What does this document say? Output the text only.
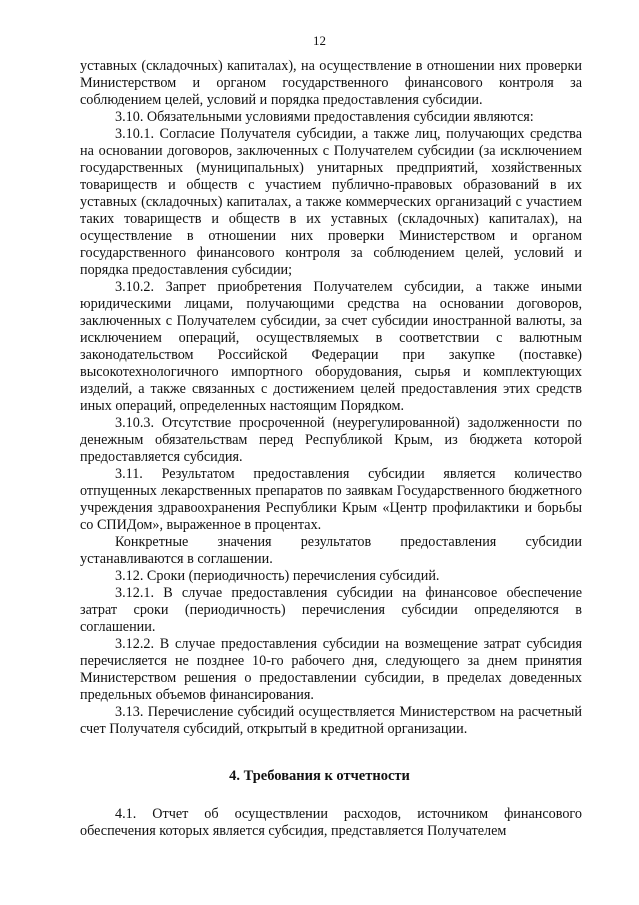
12

уставных (складочных) капиталах), на осуществление в отношении них проверки Министерством и органом государственного финансового контроля за соблюдением целей, условий и порядка предоставления субсидии.

3.10. Обязательными условиями предоставления субсидии являются:

3.10.1. Согласие Получателя субсидии, а также лиц, получающих средства на основании договоров, заключенных с Получателем субсидии (за исключением государственных (муниципальных) унитарных предприятий, хозяйственных товариществ и обществ с участием публично-правовых образований в их уставных (складочных) капиталах, а также коммерческих организаций с участием таких товариществ и обществ в их уставных (складочных) капиталах), на осуществление в отношении них проверки Министерством и органом государственного финансового контроля за соблюдением целей, условий и порядка предоставления субсидии;

3.10.2. Запрет приобретения Получателем субсидии, а также иными юридическими лицами, получающими средства на основании договоров, заключенных с Получателем субсидии, за счет субсидии иностранной валюты, за исключением операций, осуществляемых в соответствии с валютным законодательством Российской Федерации при закупке (поставке) высокотехнологичного импортного оборудования, сырья и комплектующих изделий, а также связанных с достижением целей предоставления этих средств иных операций, определенных настоящим Порядком.

3.10.3. Отсутствие просроченной (неурегулированной) задолженности по денежным обязательствам перед Республикой Крым, из бюджета которой предоставляется субсидия.

3.11. Результатом предоставления субсидии является количество отпущенных лекарственных препаратов по заявкам Государственного бюджетного учреждения здравоохранения Республики Крым «Центр профилактики и борьбы со СПИДом», выраженное в процентах.

Конкретные значения результатов предоставления субсидии устанавливаются в соглашении.

3.12. Сроки (периодичность) перечисления субсидий.

3.12.1. В случае предоставления субсидии на финансовое обеспечение затрат сроки (периодичность) перечисления субсидии определяются в соглашении.

3.12.2. В случае предоставления субсидии на возмещение затрат субсидия перечисляется не позднее 10-го рабочего дня, следующего за днем принятия Министерством решения о предоставлении субсидии, в пределах доведенных предельных объемов финансирования.

3.13. Перечисление субсидий осуществляется Министерством на расчетный счет Получателя субсидий, открытый в кредитной организации.

4. Требования к отчетности

4.1. Отчет об осуществлении расходов, источником финансового обеспечения которых является субсидия, представляется Получателем
